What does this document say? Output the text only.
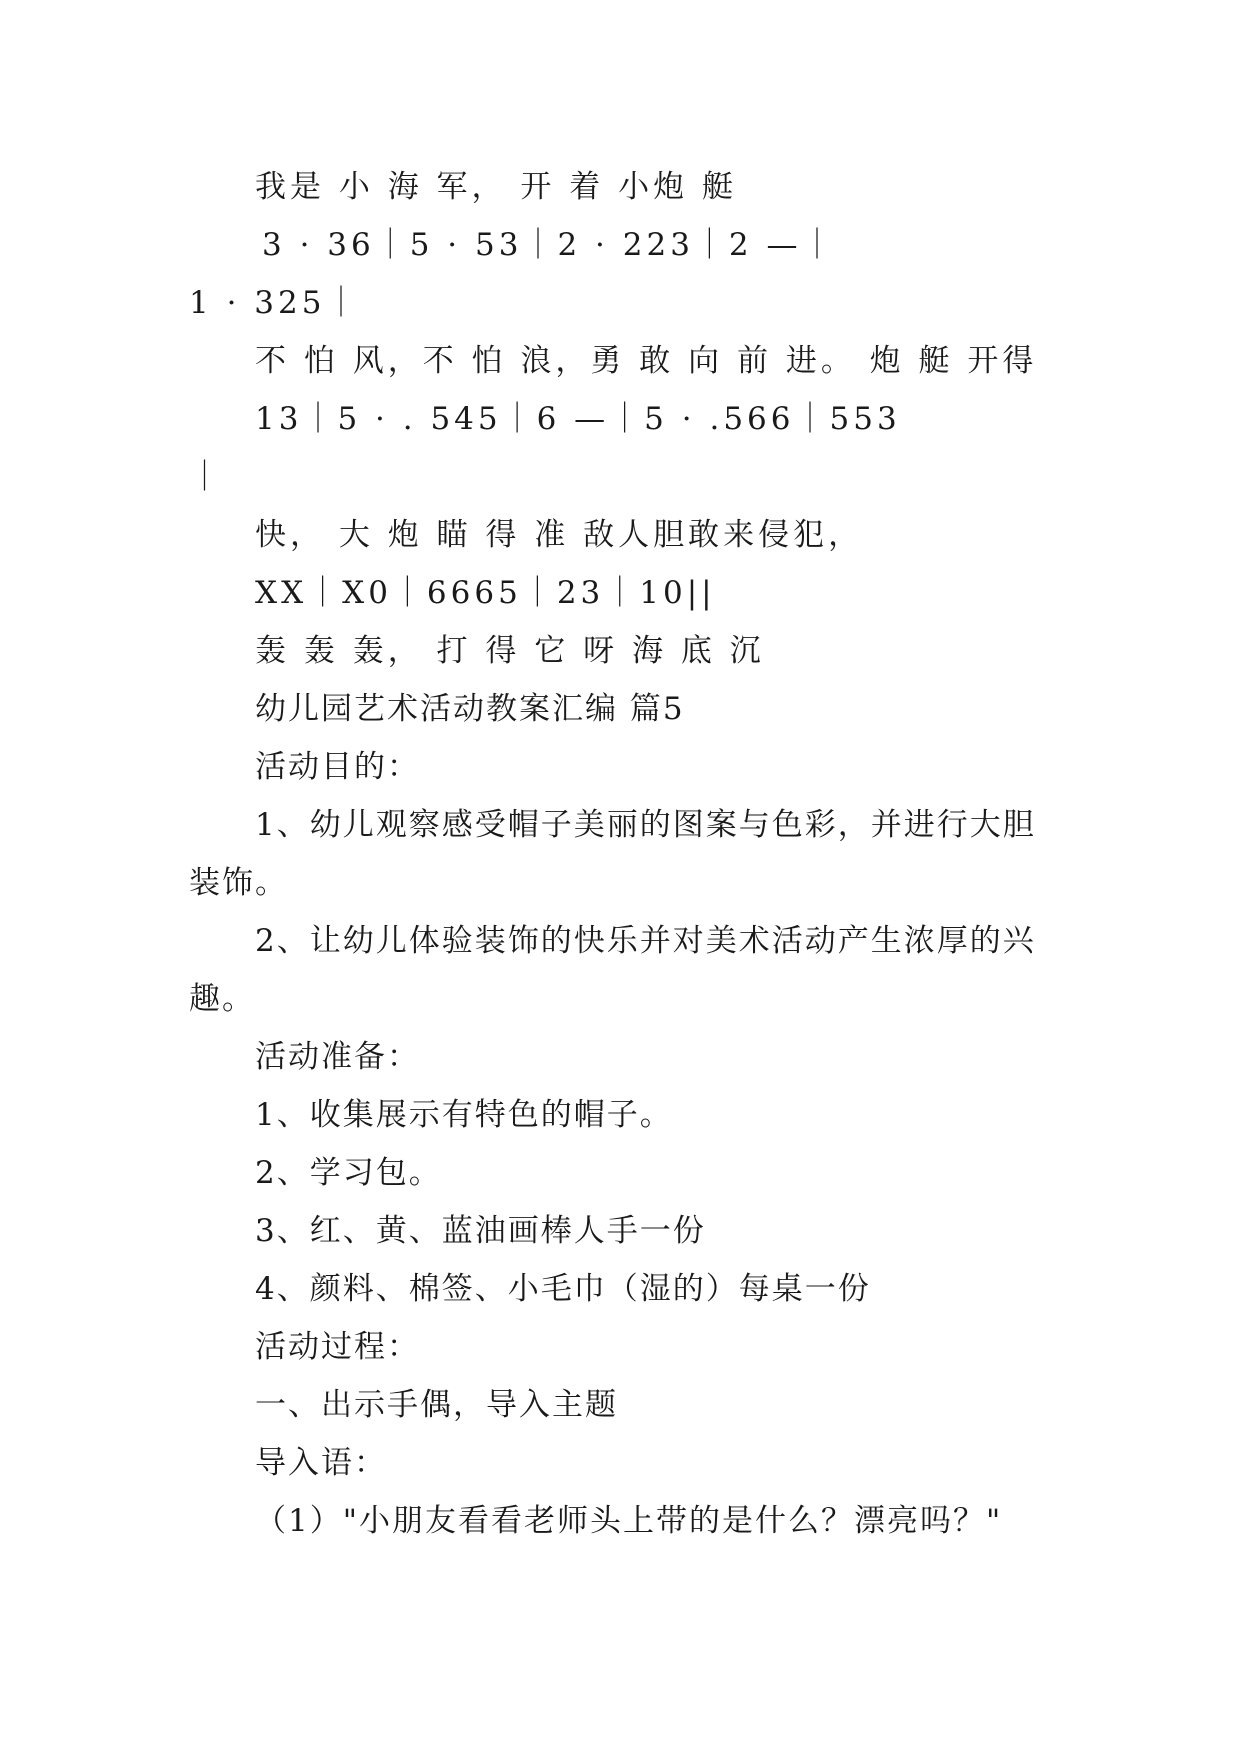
我是 小 海 军， 开 着 小炮 艇
3 · 36｜5 · 53｜2 · 223｜2 —｜
1 · 325｜
不 怕 风，不 怕 浪，勇 敢 向 前 进。 炮 艇 开得
13｜5 · . 545｜6 —｜5 · .566｜553
｜
快， 大 炮 瞄 得 准 敌人胆敢来侵犯，
XX｜X0｜6665｜23｜10||
轰 轰 轰， 打 得 它 呀 海 底 沉
幼儿园艺术活动教案汇编 篇5
活动目的：
1、幼儿观察感受帽子美丽的图案与色彩，并进行大胆
装饰。
2、让幼儿体验装饰的快乐并对美术活动产生浓厚的兴
趣。
活动准备：
1、收集展示有特色的帽子。
2、学习包。
3、红、黄、蓝油画棒人手一份
4、颜料、棉签、小毛巾（湿的）每桌一份
活动过程：
一、出示手偶，导入主题
导入语：
（1）"小朋友看看老师头上带的是什么？漂亮吗？"
